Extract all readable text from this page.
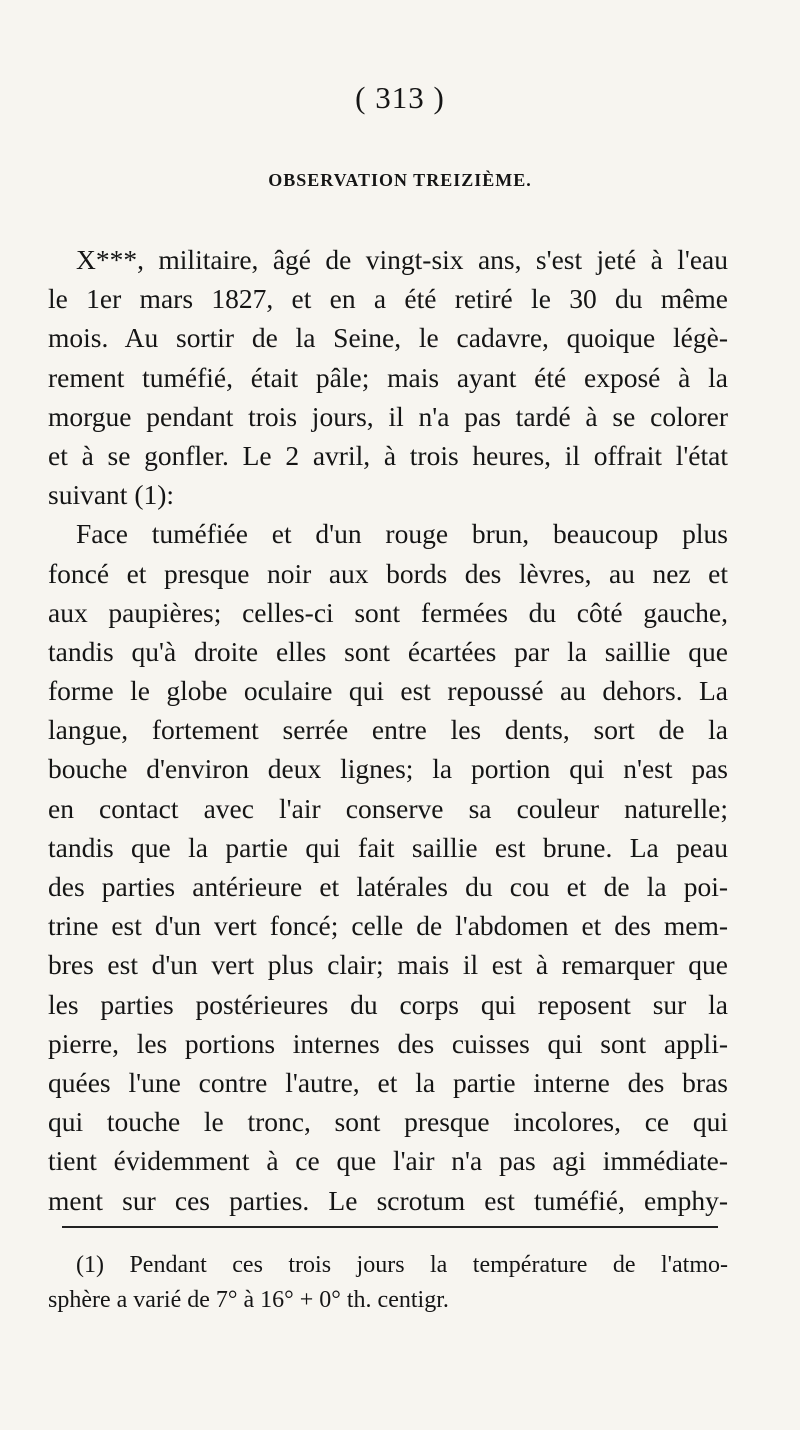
( 313 )
OBSERVATION TREIZIÈME.
X***, militaire, âgé de vingt-six ans, s'est jeté à l'eau
le 1er mars 1827, et en a été retiré le 30 du même
mois. Au sortir de la Seine, le cadavre, quoique légè-
rement tuméfié, était pâle; mais ayant été exposé à la
morgue pendant trois jours, il n'a pas tardé à se colorer
et à se gonfler. Le 2 avril, à trois heures, il offrait l'état
suivant (1):
Face tuméfiée et d'un rouge brun, beaucoup plus
foncé et presque noir aux bords des lèvres, au nez et
aux paupières; celles-ci sont fermées du côté gauche,
tandis qu'à droite elles sont écartées par la saillie que
forme le globe oculaire qui est repoussé au dehors. La
langue, fortement serrée entre les dents, sort de la
bouche d'environ deux lignes; la portion qui n'est pas
en contact avec l'air conserve sa couleur naturelle;
tandis que la partie qui fait saillie est brune. La peau
des parties antérieure et latérales du cou et de la poi-
trine est d'un vert foncé; celle de l'abdomen et des mem-
bres est d'un vert plus clair; mais il est à remarquer que
les parties postérieures du corps qui reposent sur la
pierre, les portions internes des cuisses qui sont appli-
quées l'une contre l'autre, et la partie interne des bras
qui touche le tronc, sont presque incolores, ce qui
tient évidemment à ce que l'air n'a pas agi immédiate-
ment sur ces parties. Le scrotum est tuméfié, emphy-
(1) Pendant ces trois jours la température de l'atmo-
sphère a varié de 7° à 16° + 0° th. centigr.
